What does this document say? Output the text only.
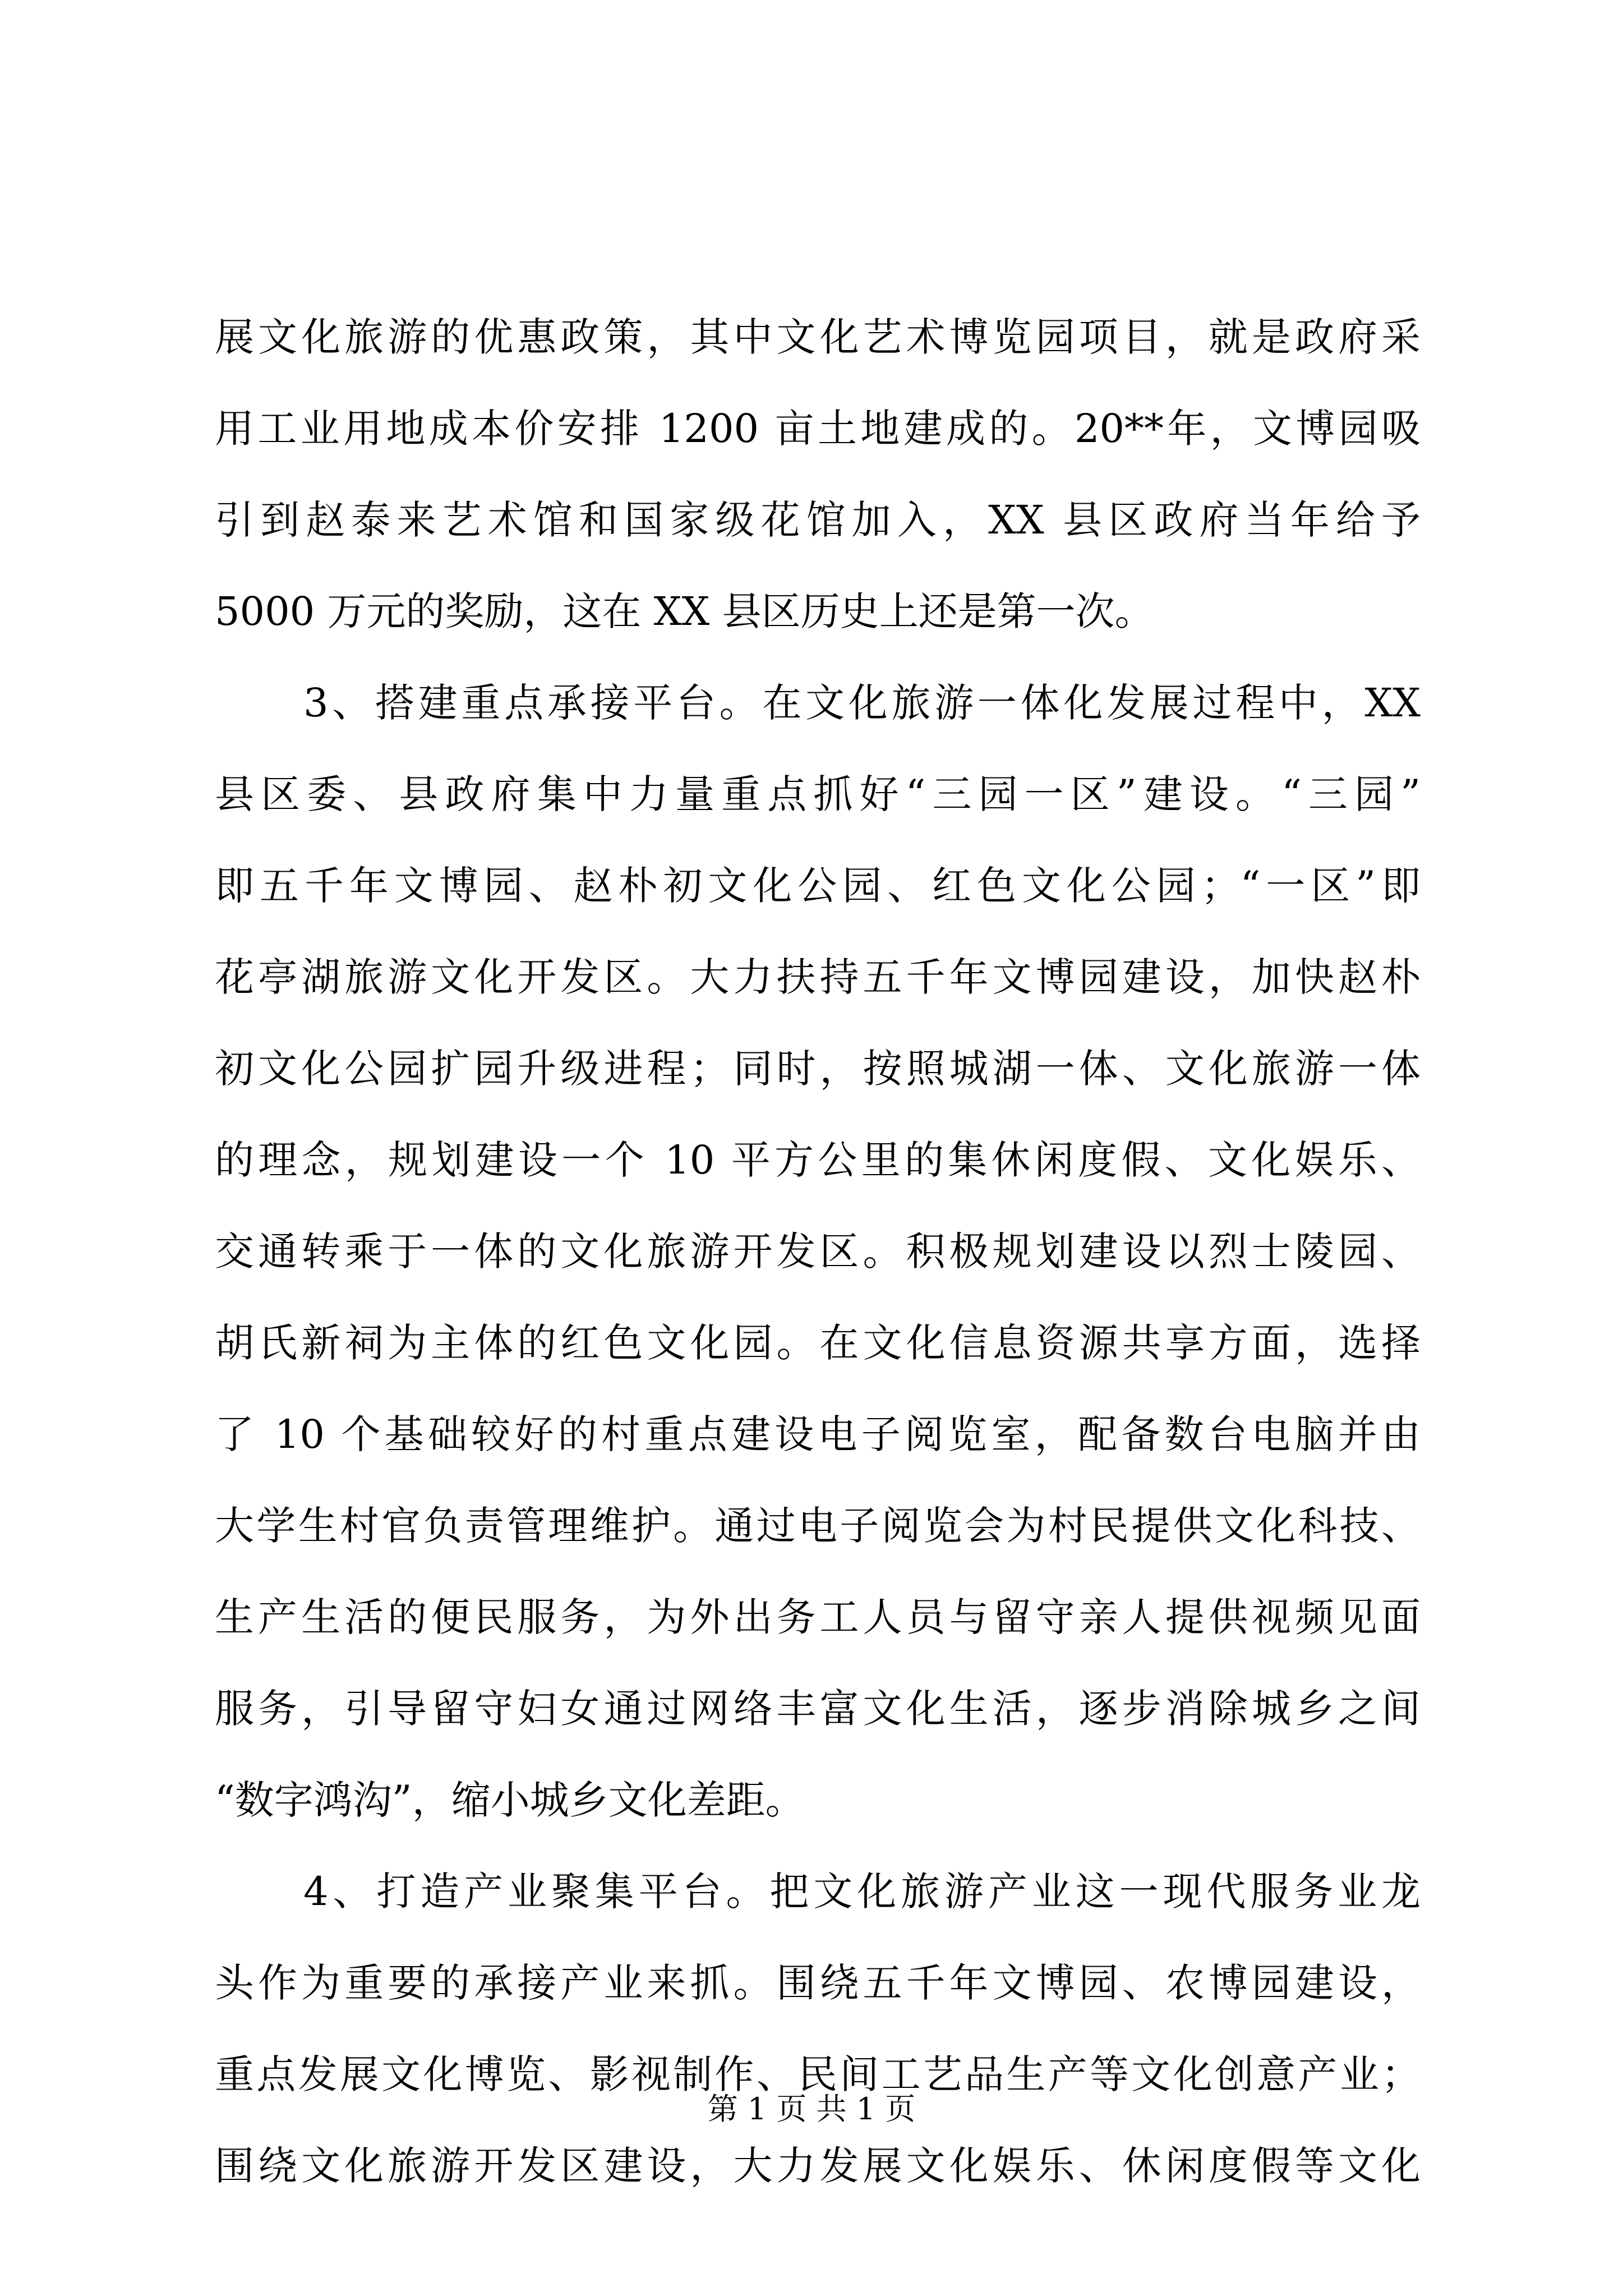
展文化旅游的优惠政策，其中文化艺术博览园项目，就是政府采
用工业用地成本价安排 1200 亩土地建成的。20**年，文博园吸
引到赵泰来艺术馆和国家级花馆加入，XX 县区政府当年给予
5000 万元的奖励，这在 XX 县区历史上还是第一次。
3、搭建重点承接平台。在文化旅游一体化发展过程中，XX
县区委、县政府集中力量重点抓好“三园一区”建设。“三园”
即五千年文博园、赵朴初文化公园、红色文化公园；“一区”即
花亭湖旅游文化开发区。大力扶持五千年文博园建设，加快赵朴
初文化公园扩园升级进程；同时，按照城湖一体、文化旅游一体
的理念，规划建设一个 10 平方公里的集休闲度假、文化娱乐、
交通转乘于一体的文化旅游开发区。积极规划建设以烈士陵园、
胡氏新祠为主体的红色文化园。在文化信息资源共享方面，选择
了 10 个基础较好的村重点建设电子阅览室，配备数台电脑并由
大学生村官负责管理维护。通过电子阅览会为村民提供文化科技、
生产生活的便民服务，为外出务工人员与留守亲人提供视频见面
服务，引导留守妇女通过网络丰富文化生活，逐步消除城乡之间
“数字鸿沟”，缩小城乡文化差距。
4、打造产业聚集平台。把文化旅游产业这一现代服务业龙
头作为重要的承接产业来抓。围绕五千年文博园、农博园建设，
重点发展文化博览、影视制作、民间工艺品生产等文化创意产业；
围绕文化旅游开发区建设，大力发展文化娱乐、休闲度假等文化
第 1 页 共 1 页
